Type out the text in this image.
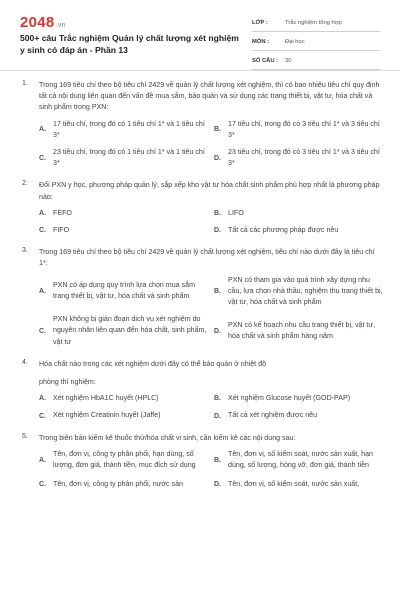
2048.vn
500+ câu Trắc nghiệm Quản lý chất lượng xét nghiệm y sinh có đáp án - Phần 13
LỚP :	Trắc nghiệm tổng hợp
MÔN :	Đại học
SỐ CÂU :	30
1. Trong 169 tiêu chí theo bộ tiêu chí 2429 về quản lý chất lượng xét nghiệm, thì có bao nhiêu tiêu chí quy định tất cả nội dung liên quan đến vấn đề mua sắm, bảo quản và sử dụng các trang thiết bị, vật tư, hóa chất và sinh phẩm trong PXN:
A.
17 tiêu chí, trong đó có 1 tiêu chí 1* và 1 tiêu chí 3*
B.
17 tiêu chí, trong đó có 3 tiêu chí 1* và 3 tiêu chí 3*
C.
23 tiêu chí, trong đó có 1 tiêu chí 1* và 1 tiêu chí 3*
D.
23 tiêu chí, trong đó có 3 tiêu chí 1* và 3 tiêu chí 3*
2. Đối PXN y học, phương pháp quản lý, sắp xếp kho vật tư hóa chất sinh phẩm phù hợp nhất là phương pháp nào:
A. FEFO	B. LIFO
C. FIFO	D. Tất cả các phương pháp được nêu
3. Trong 169 tiêu chí theo bộ tiêu chí 2429 về quản lý chất lượng xét nghiệm, tiêu chí nào dưới đây là tiêu chí 1*:
A.
PXN có áp dụng quy trình lựa chọn mua sắm trang thiết bị, vật tư, hóa chất và sinh phẩm
B.
PXN có tham gia vào quá trình xây dựng nhu cầu, lựa chọn nhà thầu, nghiệm thu trang thiết bị, vật tư, hóa chất và sinh phẩm
C.
PXN không bị gián đoạn dịch vụ xét nghiệm do nguyên nhân liên quan đến hóa chất, sinh phẩm, vật tư
D.
PXN có kế hoạch nhu cầu trang thiết bị, vật tư, hóa chất và sinh phẩm hàng năm
4. Hóa chất nào trong các xét nghiệm dưới đây có thể bảo quản ở nhiệt độ
phòng thí nghiệm:
A. Xét nghiệm HbA1C huyết (HPLC)	B. Xét nghiệm Glucose huyết (GOD-PAP)
C. Xét nghiệm Creatinin huyết (Jaffe)	D. Tất cả xét nghiệm được nêu
5. Trong biên bản kiểm kê thuốc thử/hóa chất vi sinh, cần kiểm kê các nội dung sau:
A.
Tên, đơn vị, công ty phân phối, hạn dùng, số lượng, đơn giá, thành tiền, mục đích sử dụng
B.
Tên, đơn vị, số kiểm soát, nước sản xuất, hạn dùng, số lượng, hỏng vỡ, đơn giá, thành tiền
C. Tên, đơn vị, công ty phân phối, nước sản	D. Tên, đơn vị, số kiểm soát, nước sản xuất,
